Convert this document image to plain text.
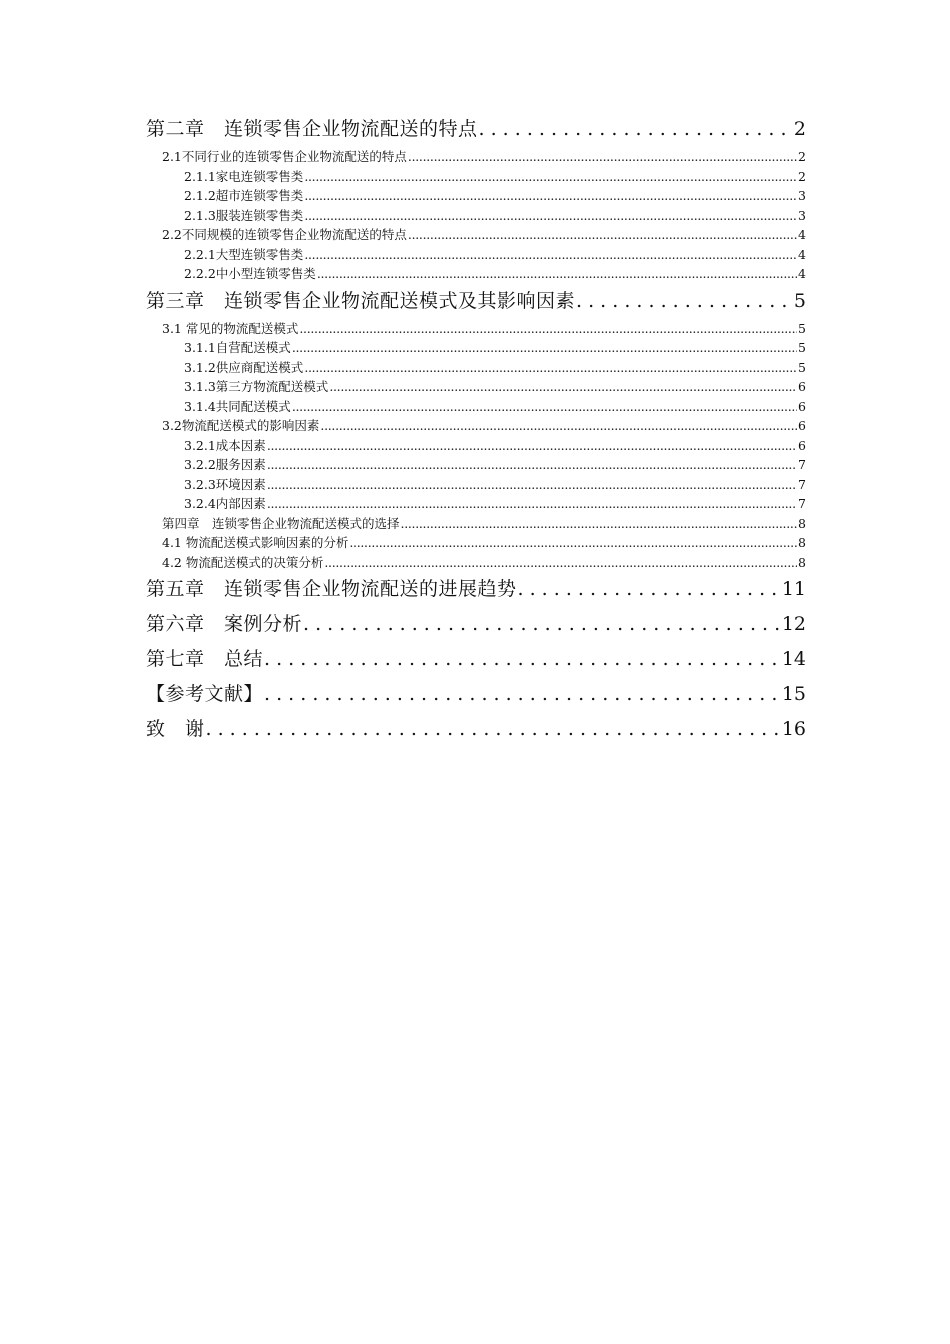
第二章　连锁零售企业物流配送的特点 . . .	2
2.1不同行业的连锁零售企业物流配送的特点 .....	2
2.1.1家电连锁零售类 .....	2
2.1.2超市连锁零售类 .....	3
2.1.3服装连锁零售类 .....	3
2.2不同规模的连锁零售企业物流配送的特点 .....	4
2.2.1大型连锁零售类 .....	4
2.2.2中小型连锁零售类 .....	4
第三章　连锁零售企业物流配送模式及其影响因素 . . .	5
3.1 常见的物流配送模式 .....	5
3.1.1自营配送模式 .....	5
3.1.2供应商配送模式 .....	5
3.1.3第三方物流配送模式 .....	6
3.1.4共同配送模式 .....	6
3.2物流配送模式的影响因素 .....	6
3.2.1成本因素 .....	6
3.2.2服务因素 .....	7
3.2.3环境因素 .....	7
3.2.4内部因素 .....	7
第四章　连锁零售企业物流配送模式的选择 .....	8
4.1 物流配送模式影响因素的分析 .....	8
4.2 物流配送模式的决策分析 .....	8
第五章　连锁零售企业物流配送的进展趋势 . . .	11
第六章　案例分析 . . .	12
第七章　总结 . . .	14
【参考文献】 . . .	15
致　谢 . . .	16
